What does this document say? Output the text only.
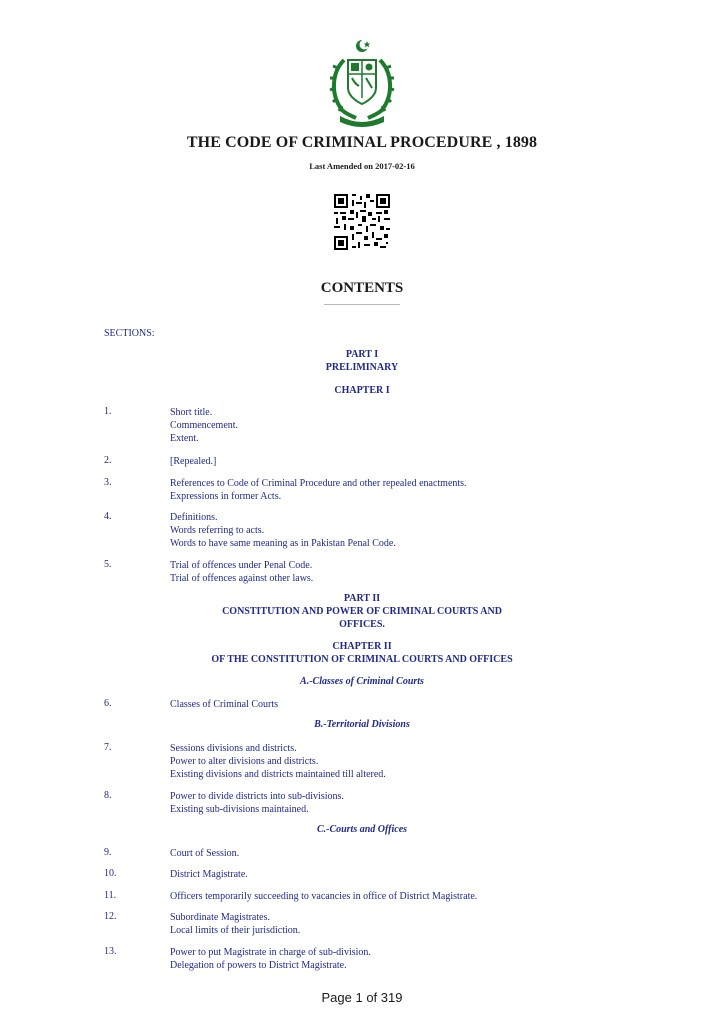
THE CODE OF CRIMINAL PROCEDURE , 1898
Last Amended on 2017-02-16
CONTENTS
SECTIONS:
PART I
PRELIMINARY
CHAPTER I
1.	Short title.
Commencement.
Extent.
2.	[Repealed.]
3.	References to Code of Criminal Procedure and other repealed enactments.
Expressions in former Acts.
4.	Definitions.
Words referring to acts.
Words to have same meaning as in Pakistan Penal Code.
5.	Trial of offences under Penal Code.
Trial of offences against other laws.
PART II
CONSTITUTION AND POWER OF CRIMINAL COURTS AND
OFFICES.
CHAPTER II
OF THE CONSTITUTION OF CRIMINAL COURTS AND OFFICES
A.-Classes of Criminal Courts
6.	Classes of Criminal Courts
B.-Territorial Divisions
7.	Sessions divisions and districts.
Power to alter divisions and districts.
Existing divisions and districts maintained till altered.
8.	Power to divide districts into sub-divisions.
Existing sub-divisions maintained.
C.-Courts and Offices
9.	Court of Session.
10.	District Magistrate.
11.	Officers temporarily succeeding to vacancies in office of District Magistrate.
12.	Subordinate Magistrates.
Local limits of their jurisdiction.
13.	Power to put Magistrate in charge of sub-division.
Delegation of powers to District Magistrate.
Page 1 of 319
